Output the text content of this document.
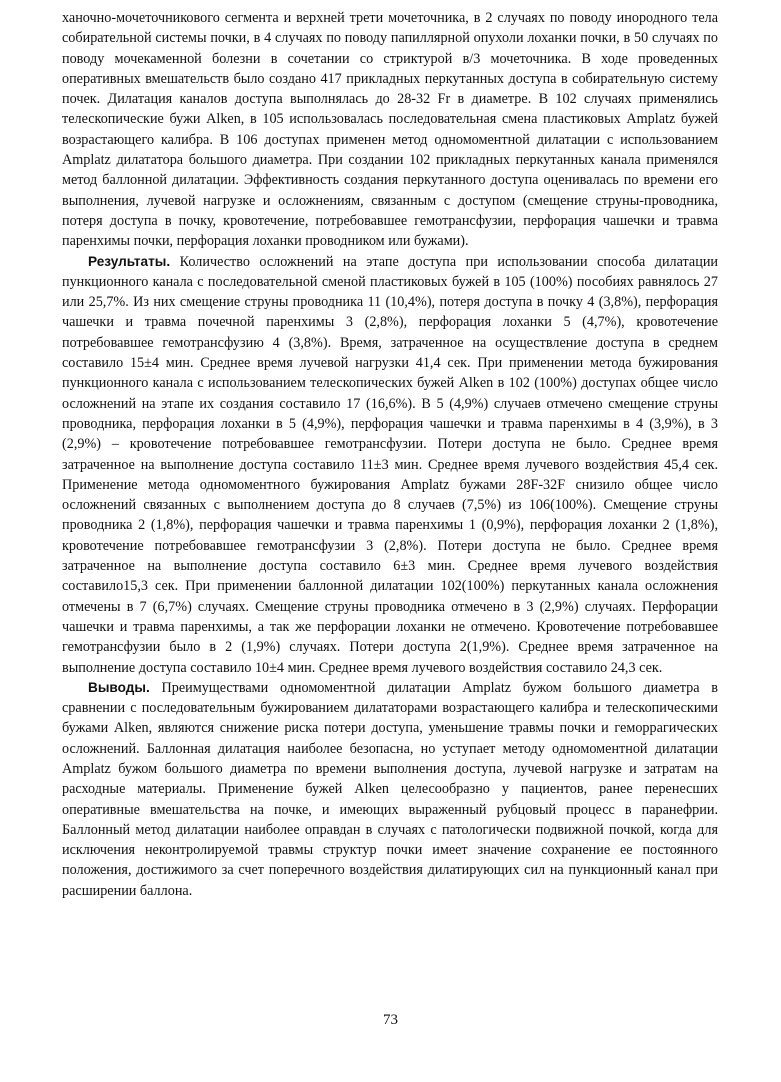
ханочно-мочеточникового сегмента и верхней трети мочеточника, в 2 случаях по поводу инородного тела собирательной системы почки, в 4 случаях по поводу папиллярной опухоли лоханки почки, в 50 случаях по поводу мочекаменной болезни в сочетании со стриктурой в/3 мочеточника. В ходе проведенных оперативных вмешательств было создано 417 прикладных перкутанных доступа в собирательную систему почек. Дилатация каналов доступа выполнялась до 28-32 Fr в диаметре. В 102 случаях применялись телескопические бужи Alken, в 105 использовалась последовательная смена пластиковых Amplatz бужей возрастающего калибра. В 106 доступах применен метод одномоментной дилатации с использованием Amplatz дилататора большого диаметра. При создании 102 прикладных перкутанных канала применялся метод баллонной дилатации. Эффективность создания перкутанного доступа оценивалась по времени его выполнения, лучевой нагрузке и осложнениям, связанным с доступом (смещение струны-проводника, потеря доступа в почку, кровотечение, потребовавшее гемотрансфузии, перфорация чашечки и травма паренхимы почки, перфорация лоханки проводником или бужами).

Результаты. Количество осложнений на этапе доступа при использовании способа дилатации пункционного канала с последовательной сменой пластиковых бужей в 105 (100%) пособиях равнялось 27 или 25,7%. Из них смещение струны проводника 11 (10,4%), потеря доступа в почку 4 (3,8%), перфорация чашечки и травма почечной паренхимы 3 (2,8%), перфорация лоханки 5 (4,7%), кровотечение потребовавшее гемотрансфузию 4 (3,8%). Время, затраченное на осуществление доступа в среднем составило 15±4 мин. Среднее время лучевой нагрузки 41,4 сек. При применении метода бужирования пункционного канала с использованием телескопических бужей Alken в 102 (100%) доступах общее число осложнений на этапе их создания составило 17 (16,6%). В 5 (4,9%) случаев отмечено смещение струны проводника, перфорация лоханки в 5 (4,9%), перфорация чашечки и травма паренхимы в 4 (3,9%), в 3 (2,9%) – кровотечение потребовавшее гемотрансфузии. Потери доступа не было. Среднее время затраченное на выполнение доступа составило 11±3 мин. Среднее время лучевого воздействия 45,4 сек. Применение метода одномоментного бужирования Amplatz бужами 28F-32F снизило общее число осложнений связанных с выполнением доступа до 8 случаев (7,5%) из 106(100%). Смещение струны проводника 2 (1,8%), перфорация чашечки и травма паренхимы 1 (0,9%), перфорация лоханки 2 (1,8%), кровотечение потребовавшее гемотрансфузии 3 (2,8%). Потери доступа не было. Среднее время затраченное на выполнение доступа составило 6±3 мин. Среднее время лучевого воздействия составило15,3 сек. При применении баллонной дилатации 102(100%) перкутанных канала осложнения отмечены в 7 (6,7%) случаях. Смещение струны проводника отмечено в 3 (2,9%) случаях. Перфорации чашечки и травма паренхимы, а так же перфорации лоханки не отмечено. Кровотечение потребовавшее гемотрансфузии было в 2 (1,9%) случаях. Потери доступа 2(1,9%). Среднее время затраченное на выполнение доступа составило 10±4 мин. Среднее время лучевого воздействия составило 24,3 сек.

Выводы. Преимуществами одномоментной дилатации Amplatz бужом большого диаметра в сравнении с последовательным бужированием дилататорами возрастающего калибра и телескопическими бужами Alken, являются снижение риска потери доступа, уменьшение травмы почки и геморрагических осложнений. Баллонная дилатация наиболее безопасна, но уступает методу одномоментной дилатации Amplatz бужом большого диаметра по времени выполнения доступа, лучевой нагрузке и затратам на расходные материалы. Применение бужей Alken целесообразно у пациентов, ранее перенесших оперативные вмешательства на почке, и имеющих выраженный рубцовый процесс в паранефрии. Баллонный метод дилатации наиболее оправдан в случаях с патологически подвижной почкой, когда для исключения неконтролируемой травмы структур почки имеет значение сохранение ее постоянного положения, достижимого за счет поперечного воздействия дилатирующих сил на пункционный канал при расширении баллона.

73
